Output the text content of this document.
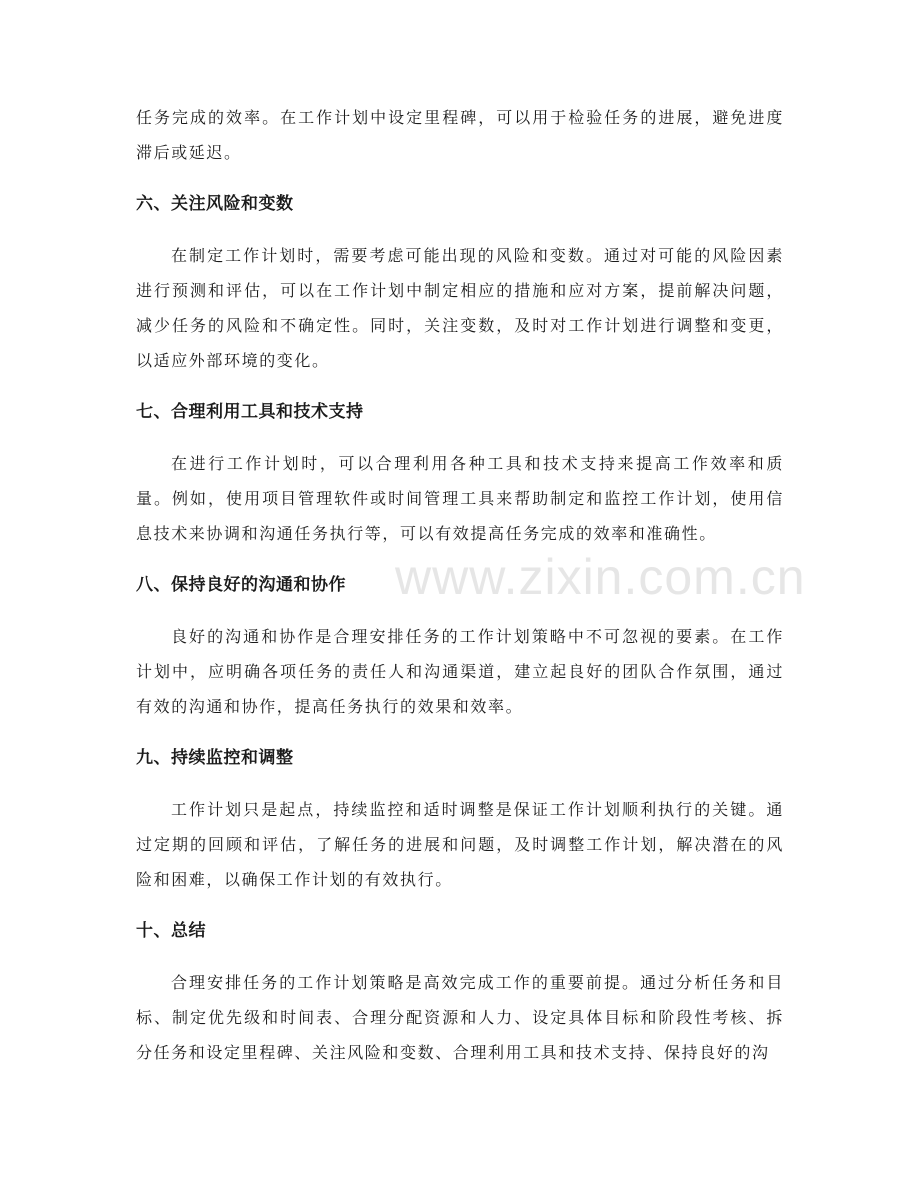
任务完成的效率。在工作计划中设定里程碑，可以用于检验任务的进展，避免进度滞后或延迟。

六、关注风险和变数

在制定工作计划时，需要考虑可能出现的风险和变数。通过对可能的风险因素进行预测和评估，可以在工作计划中制定相应的措施和应对方案，提前解决问题，减少任务的风险和不确定性。同时，关注变数，及时对工作计划进行调整和变更，以适应外部环境的变化。

七、合理利用工具和技术支持

在进行工作计划时，可以合理利用各种工具和技术支持来提高工作效率和质量。例如，使用项目管理软件或时间管理工具来帮助制定和监控工作计划，使用信息技术来协调和沟通任务执行等，可以有效提高任务完成的效率和准确性。

八、保持良好的沟通和协作

良好的沟通和协作是合理安排任务的工作计划策略中不可忽视的要素。在工作计划中，应明确各项任务的责任人和沟通渠道，建立起良好的团队合作氛围，通过有效的沟通和协作，提高任务执行的效果和效率。

九、持续监控和调整

工作计划只是起点，持续监控和适时调整是保证工作计划顺利执行的关键。通过定期的回顾和评估，了解任务的进展和问题，及时调整工作计划，解决潜在的风险和困难，以确保工作计划的有效执行。

十、总结

合理安排任务的工作计划策略是高效完成工作的重要前提。通过分析任务和目标、制定优先级和时间表、合理分配资源和人力、设定具体目标和阶段性考核、拆分任务和设定里程碑、关注风险和变数、合理利用工具和技术支持、保持良好的沟

www.zixin.com.cn
